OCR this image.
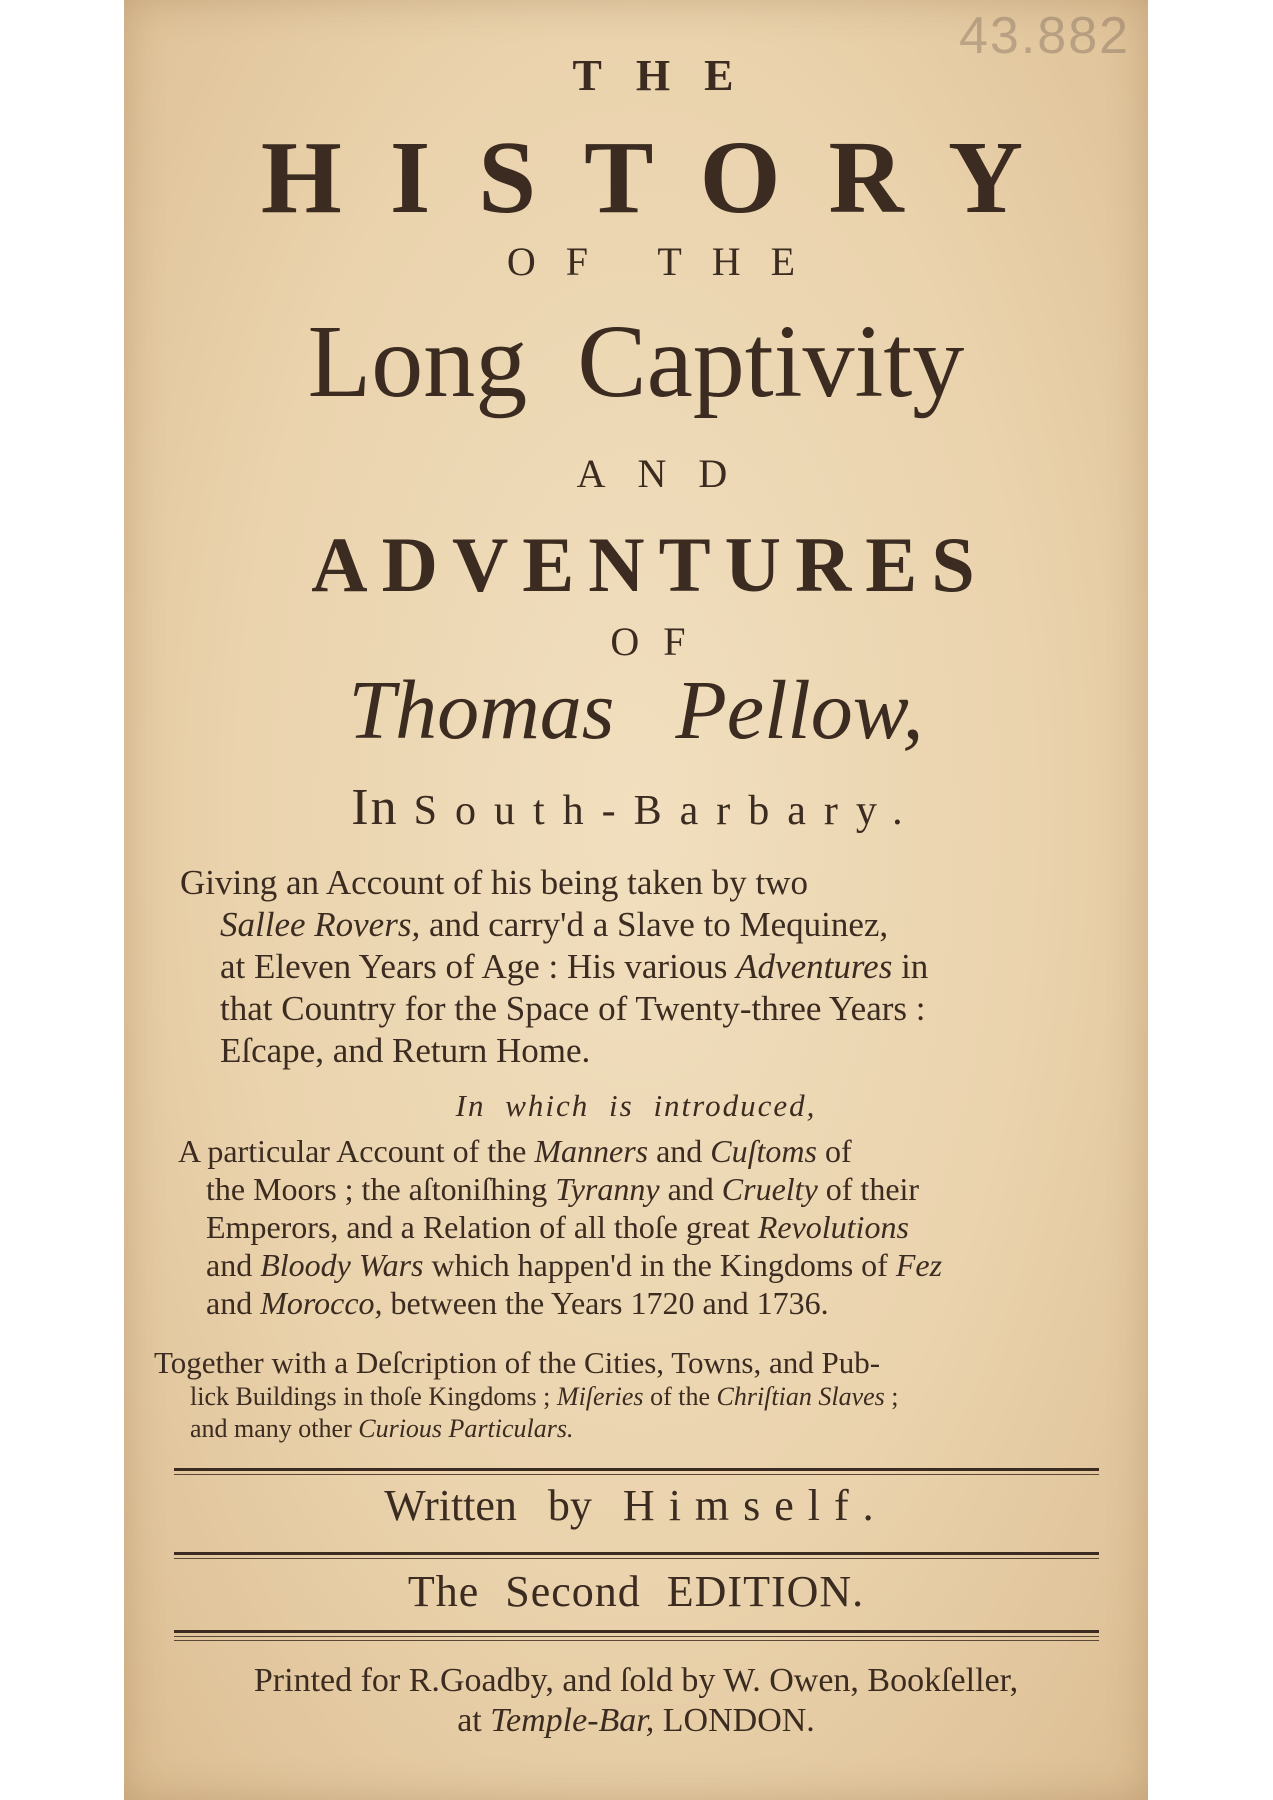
43.882

THE

HISTORY

OF THE

Long Captivity

AND

ADVENTURES

OF

Thomas Pellow,

In South-Barbary.

Giving an Account of his being taken by two
Sallee Rovers, and carry'd a Slave to Mequinez,
at Eleven Years of Age : His various Adventures in
that Country for the Space of Twenty-three Years :
Eſcape, and Return Home.

In which is introduced,

A particular Account of the Manners and Cuſtoms of
the Moors ; the aſtoniſhing Tyranny and Cruelty of their
Emperors, and a Relation of all thoſe great Revolutions
and Bloody Wars which happen'd in the Kingdoms of Fez
and Morocco, between the Years 1720 and 1736.
Together with a Deſcription of the Cities, Towns, and Pub-
lick Buildings in thoſe Kingdoms ; Miſeries of the Chriſtian Slaves ;
and many other Curious Particulars.

Written by Himself.

The Second EDITION.

Printed for R.Goadby, and ſold by W. Owen, Bookſeller,

at Temple-Bar, LONDON.
